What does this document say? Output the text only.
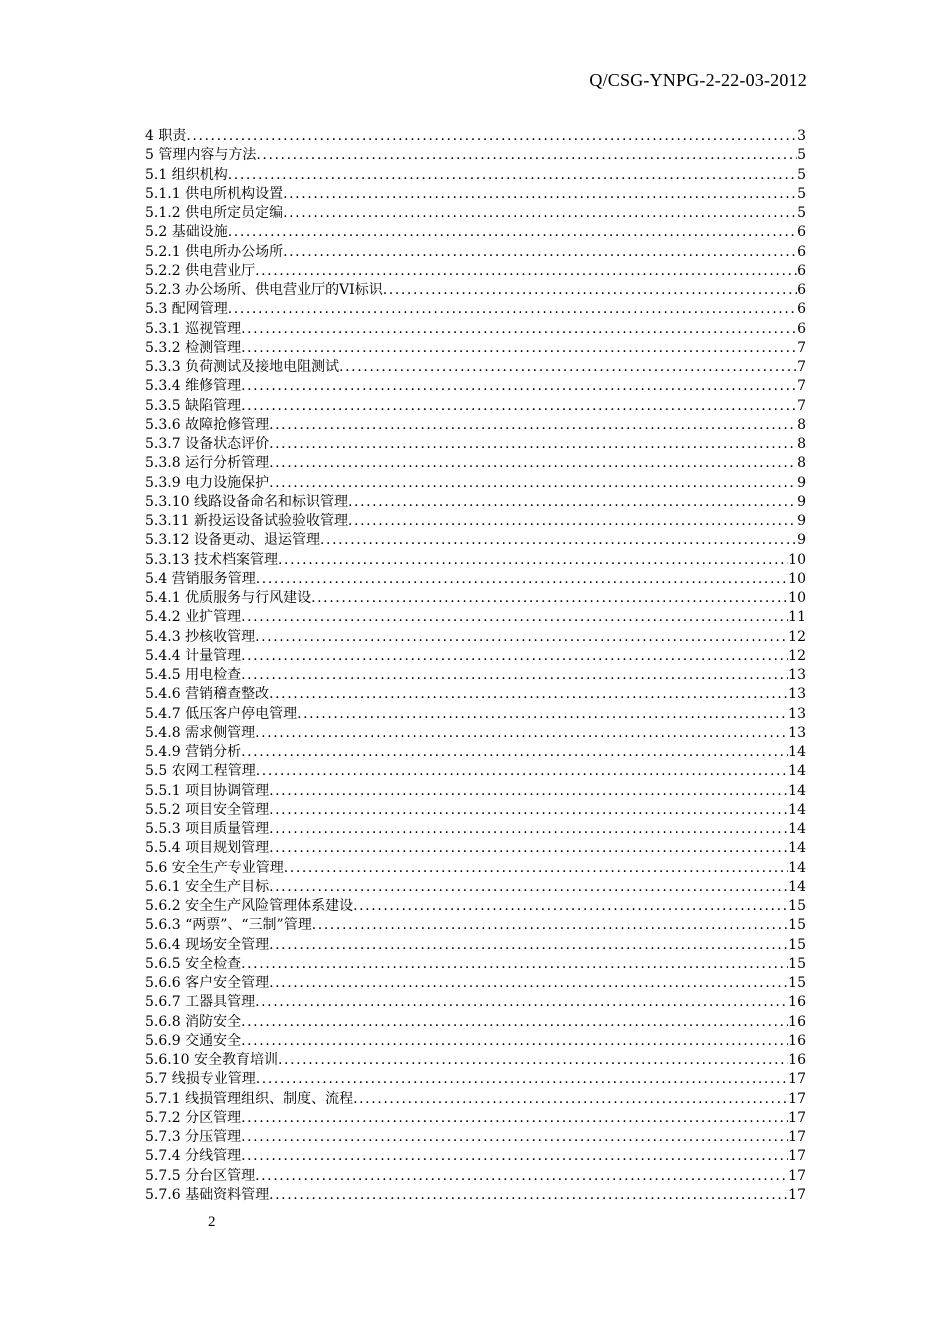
Q/CSG-YNPG-2-22-03-2012
4 职责 .....	3
5 管理内容与方法 .....	5
5.1 组织机构 .....	5
5.1.1 供电所机构设置 .....	5
5.1.2 供电所定员定编 .....	5
5.2 基础设施 .....	6
5.2.1 供电所办公场所 .....	6
5.2.2 供电营业厅 .....	6
5.2.3 办公场所、供电营业厅的VI标识 .....	6
5.3 配网管理 .....	6
5.3.1 巡视管理 .....	6
5.3.2 检测管理 .....	7
5.3.3 负荷测试及接地电阻测试 .....	7
5.3.4 维修管理 .....	7
5.3.5 缺陷管理 .....	7
5.3.6 故障抢修管理 .....	8
5.3.7 设备状态评价 .....	8
5.3.8 运行分析管理 .....	8
5.3.9 电力设施保护 .....	9
5.3.10 线路设备命名和标识管理 .....	9
5.3.11 新投运设备试验验收管理 .....	9
5.3.12 设备更动、退运管理 .....	9
5.3.13 技术档案管理 .....	10
5.4 营销服务管理 .....	10
5.4.1 优质服务与行风建设 .....	10
5.4.2 业扩管理 .....	11
5.4.3 抄核收管理 .....	12
5.4.4 计量管理 .....	12
5.4.5 用电检查 .....	13
5.4.6 营销稽查整改 .....	13
5.4.7 低压客户停电管理 .....	13
5.4.8 需求侧管理 .....	13
5.4.9 营销分析 .....	14
5.5 农网工程管理 .....	14
5.5.1 项目协调管理 .....	14
5.5.2 项目安全管理 .....	14
5.5.3 项目质量管理 .....	14
5.5.4 项目规划管理 .....	14
5.6 安全生产专业管理 .....	14
5.6.1 安全生产目标 .....	14
5.6.2 安全生产风险管理体系建设 .....	15
5.6.3 “两票”、“三制”管理 .....	15
5.6.4 现场安全管理 .....	15
5.6.5 安全检查 .....	15
5.6.6 客户安全管理 .....	15
5.6.7 工器具管理 .....	16
5.6.8 消防安全 .....	16
5.6.9 交通安全 .....	16
5.6.10 安全教育培训 .....	16
5.7 线损专业管理 .....	17
5.7.1 线损管理组织、制度、流程 .....	17
5.7.2 分区管理 .....	17
5.7.3 分压管理 .....	17
5.7.4 分线管理 .....	17
5.7.5 分台区管理 .....	17
5.7.6 基础资料管理 .....	17
2
